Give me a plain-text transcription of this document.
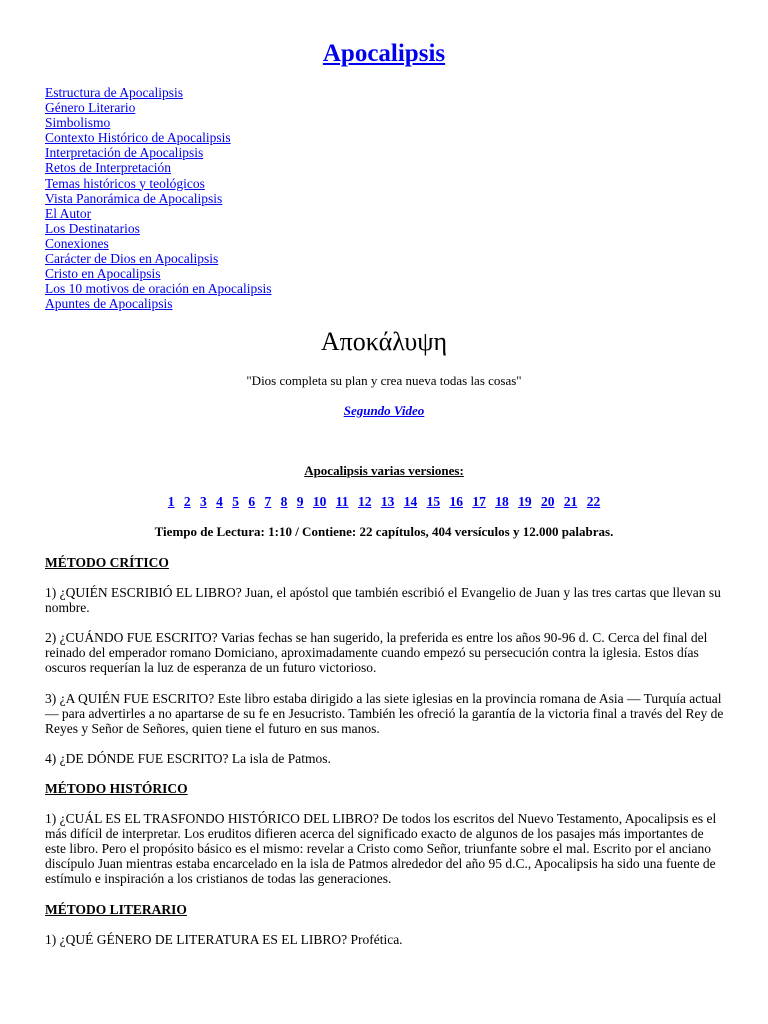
Apocalipsis
Estructura de Apocalipsis
Género Literario
Simbolismo
Contexto Histórico de Apocalipsis
Interpretación de Apocalipsis
Retos de Interpretación
Temas históricos y teológicos
Vista Panorámica de Apocalipsis
El Autor
Los Destinatarios
Conexiones
Carácter de Dios en Apocalipsis
Cristo en Apocalipsis
Los 10 motivos de oración en Apocalipsis
Apuntes de Apocalipsis
Αποκάλυψη
"Dios completa su plan y crea nueva todas las cosas"
Segundo Video
Apocalipsis varias versiones:
1 2 3 4 5 6 7 8 9 10 11 12 13 14 15 16 17 18 19 20 21 22
Tiempo de Lectura: 1:10 / Contiene: 22 capítulos, 404 versículos y 12.000 palabras.
MÉTODO CRÍTICO

1) ¿QUIÉN ESCRIBIÓ EL LIBRO? Juan, el apóstol que también escribió el Evangelio de Juan y las tres cartas que llevan su nombre.

2) ¿CUÁNDO FUE ESCRITO? Varias fechas se han sugerido, la preferida es entre los años 90-96 d. C. Cerca del final del reinado del emperador romano Domiciano, aproximadamente cuando empezó su persecución contra la iglesia. Estos días oscuros requerían la luz de esperanza de un futuro victorioso.

3) ¿A QUIÉN FUE ESCRITO? Este libro estaba dirigido a las siete iglesias en la provincia romana de Asia — Turquía actual— para advertirles a no apartarse de su fe en Jesucristo. También les ofreció la garantía de la victoria final a través del Rey de Reyes y Señor de Señores, quien tiene el futuro en sus manos.

4) ¿DE DÓNDE FUE ESCRITO? La isla de Patmos.

MÉTODO HISTÓRICO

1) ¿CUÁL ES EL TRASFONDO HISTÓRICO DEL LIBRO? De todos los escritos del Nuevo Testamento, Apocalipsis es el más difícil de interpretar. Los eruditos difieren acerca del significado exacto de algunos de los pasajes más importantes de este libro. Pero el propósito básico es el mismo: revelar a Cristo como Señor, triunfante sobre el mal. Escrito por el anciano discípulo Juan mientras estaba encarcelado en la isla de Patmos alrededor del año 95 d.C., Apocalipsis ha sido una fuente de estímulo e inspiración a los cristianos de todas las generaciones.

MÉTODO LITERARIO

1) ¿QUÉ GÉNERO DE LITERATURA ES EL LIBRO? Profética.
